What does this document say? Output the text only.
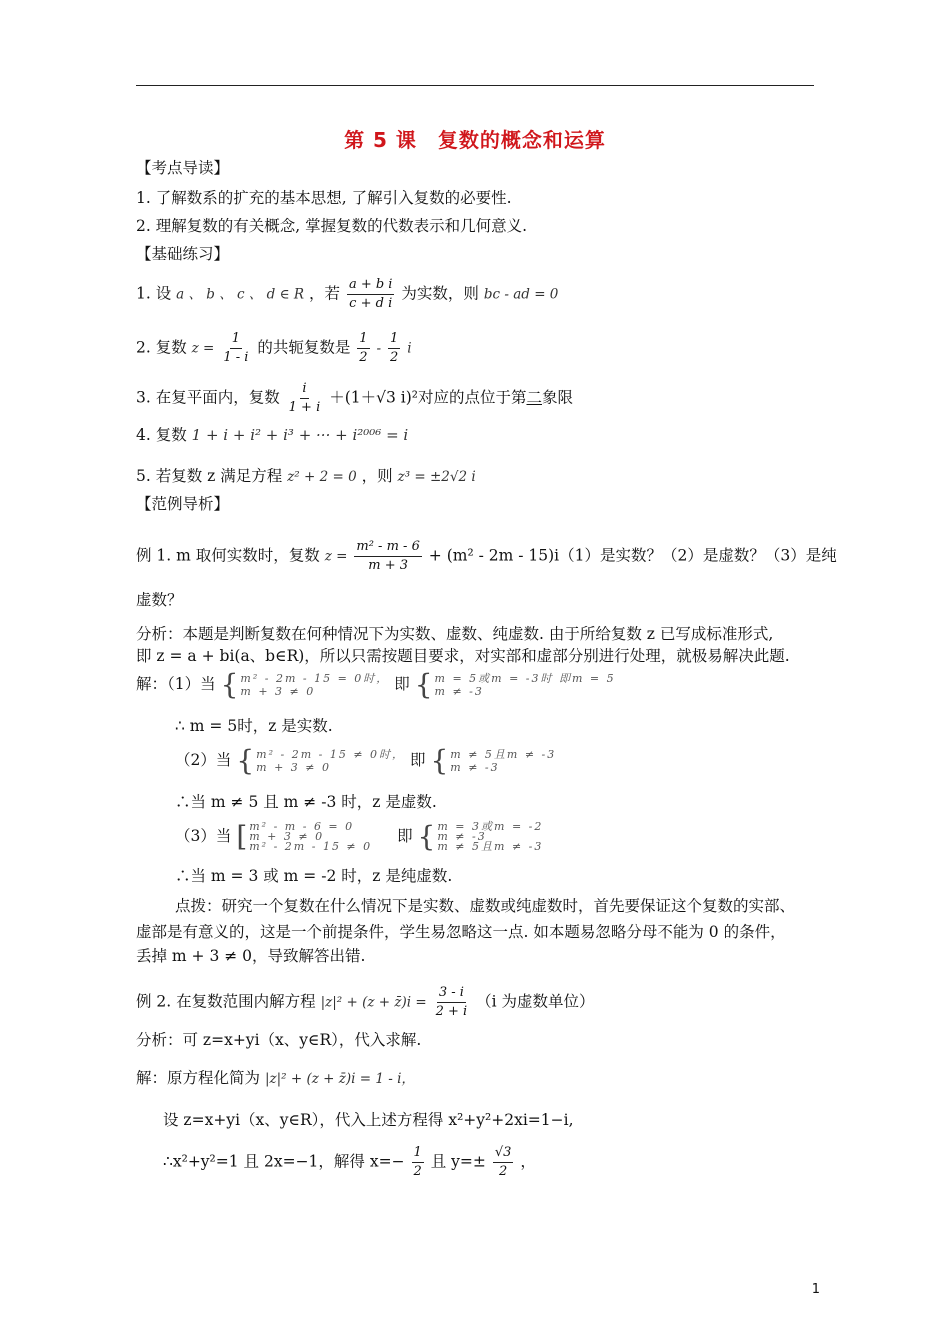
第 5 课　复数的概念和运算
【考点导读】
1. 了解数系的扩充的基本思想, 了解引入复数的必要性.
2. 理解复数的有关概念, 掌握复数的代数表示和几何意义.
【基础练习】
1. 设 a 、 b 、 c 、 d ∈ R ，若 $\frac{\text{a + b i}}{\text{c + d i}}$ 为实数，则 bc - ad = 0
2. 复数 $z = \frac{1}{1 - i}$ 的共轭复数是 $\frac{1}{2} - \frac{1}{2}$ i
3. 在复平面内，复数 $\frac{i}{1 + i} +(1+√3$ i)²对应的点位于第二象限
4. 复数 1 + i + i² + i³ + ··· + i²⁰⁰⁶ = i
5. 若复数 z 满足方程 z² + 2 = 0 ，则 z³ = ±2√2 i
【范例导析】
例 1. m 取何实数时，复数 $z = \frac{\text{m² - m - 6}}{m + 3} + (m^2 - 2m - 15)i(1)$是实数？（2）是虚数？（3）是纯
虚数？
分析：本题是判断复数在何种情况下为实数、虚数、纯虚数. 由于所给复数 z 已写成标准形式,
即 z = a + bi(a、b∈R)，所以只需按题目要求，对实部和虚部分别进行处理，就极易解决此题.
解：（1）当 { m² - 2m - 15 = 0时，
m + 3 ≠ 0	即 { m = 5或m = -3时 即m = 5
m ≠ -3
∴ m = 5时，z 是实数.
（2）当 { m² - 2m - 15 ≠ 0时，
m + 3 ≠ 0	即 { m ≠ 5且m ≠ -3
m ≠ -3
∴当 m ≠ 5 且 m ≠ -3 时，z 是虚数.
（3）当 [ m² - m - 6 = 0
m + 3 ≠ 0
m² - 2m - 15 ≠ 0
即 { m = 3或m = -2
m ≠ -3
m ≠ 5且m ≠ -3
∴当 m = 3 或 m = -2 时，z 是纯虚数.
点拨：研究一个复数在什么情况下是实数、虚数或纯虚数时，首先要保证这个复数的实部、
虚部是有意义的，这是一个前提条件，学生易忽略这一点. 如本题易忽略分母不能为 0 的条件，
丢掉 m + 3 ≠ 0，导致解答出错.
例 2. 在复数范围内解方程 |z|² + (z + z̄)i = $\frac{3 - i}{2 + i} (i$ 为虚数单位）
分析：可 z=x+yi（x、y∈R），代入求解.
解：原方程化简为 |z|² + (z + z̄)i = 1 - i，
设 z=x+yi（x、y∈R），代入上述方程得 x²+y²+2xi=1−i,
∴x²+y²=1 且 2x=−1，解得 $x=- \frac{1}{2}$ 且 $y=\pm \frac{√3}{2}$ ，
1
